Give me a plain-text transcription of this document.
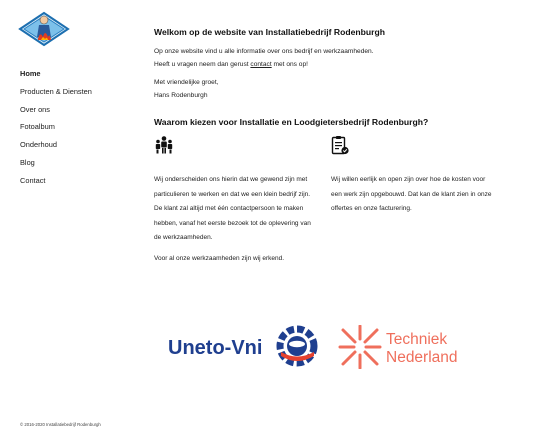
Home
Producten & Diensten
Over ons
Fotoalbum
Onderhoud
Blog
Contact
Welkom op de website van Installatiebedrijf Rodenburgh
Op onze website vind u alle informatie over ons bedrijf en werkzaamheden.
Heeft u vragen neem dan gerust contact met ons op!
Met vriendelijke groet,
Hans Rodenburgh
Waarom kiezen voor Installatie en Loodgietersbedrijf Rodenburgh?
Wij onderscheiden ons hierin dat we gewend zijn met
particulieren te werken en dat we een klein bedrijf zijn.
De klant zal altijd met één contactpersoon te maken
hebben, vanaf het eerste bezoek tot de oplevering van
de werkzaamheden.
Wij willen eerlijk en open zijn over hoe de kosten voor
een werk zijn opgebouwd. Dat kan de klant zien in onze
offertes en onze facturering.
Voor al onze werkzaamheden zijn wij erkend.
Uneto-Vni	Techniek
Nederland
© 2016-2020 Installatiebedrijf Rodenburgh
